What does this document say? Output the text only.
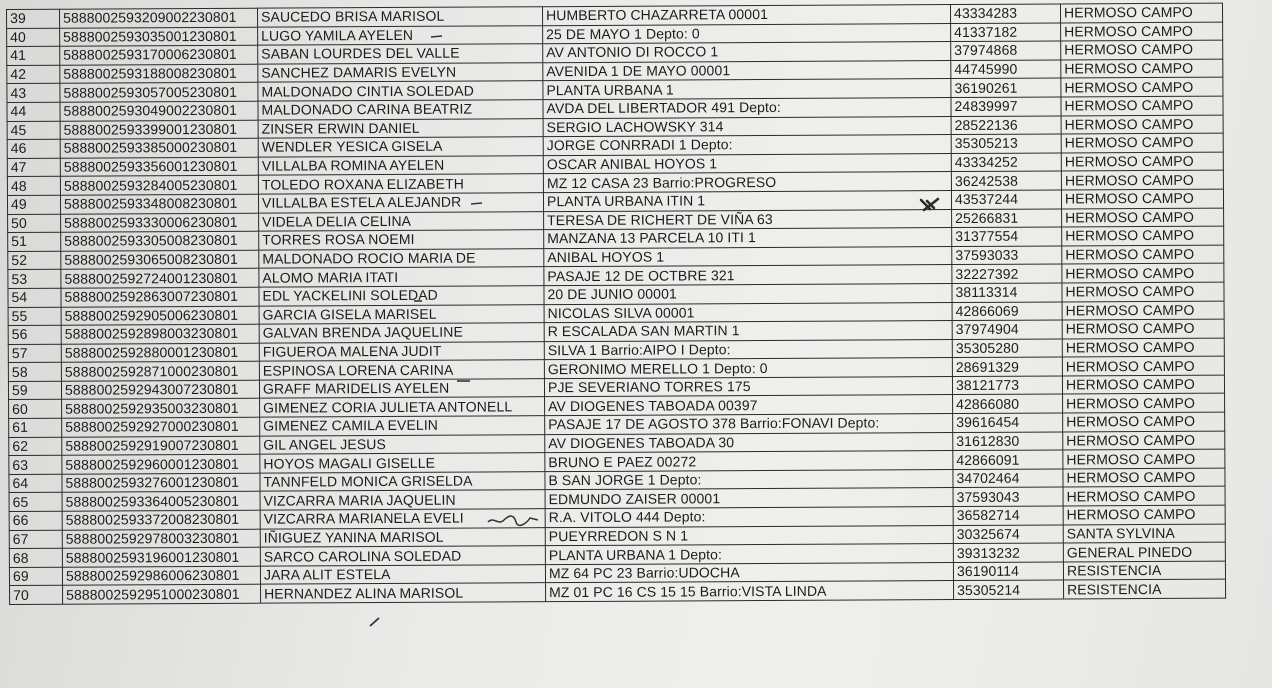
39	5888002593209002230801	SAUCEDO BRISA MARISOL	HUMBERTO CHAZARRETA 00001	43334283	HERMOSO CAMPO
40	5888002593035001230801	LUGO YAMILA AYELEN	25 DE MAYO 1 Depto: 0	41337182	HERMOSO CAMPO
41	5888002593170006230801	SABAN LOURDES DEL VALLE	AV ANTONIO DI ROCCO 1	37974868	HERMOSO CAMPO
42	5888002593188008230801	SANCHEZ DAMARIS EVELYN	AVENIDA 1 DE MAYO 00001	44745990	HERMOSO CAMPO
43	5888002593057005230801	MALDONADO CINTIA SOLEDAD	PLANTA URBANA 1	36190261	HERMOSO CAMPO
44	5888002593049002230801	MALDONADO CARINA BEATRIZ	AVDA DEL LIBERTADOR 491 Depto:	24839997	HERMOSO CAMPO
45	5888002593399001230801	ZINSER ERWIN DANIEL	SERGIO LACHOWSKY 314	28522136	HERMOSO CAMPO
46	5888002593385000230801	WENDLER YESICA GISELA	JORGE CONRRADI 1 Depto:	35305213	HERMOSO CAMPO
47	5888002593356001230801	VILLALBA ROMINA AYELEN	OSCAR ANIBAL HOYOS 1	43334252	HERMOSO CAMPO
48	5888002593284005230801	TOLEDO ROXANA ELIZABETH	MZ 12 CASA 23 Barrio:PROGRESO	36242538	HERMOSO CAMPO
49	5888002593348008230801	VILLALBA ESTELA ALEJANDR	PLANTA URBANA ITIN 1	43537244	HERMOSO CAMPO
50	5888002593330006230801	VIDELA DELIA CELINA	TERESA DE RICHERT DE VIÑA 63	25266831	HERMOSO CAMPO
51	5888002593305008230801	TORRES ROSA NOEMI	MANZANA 13 PARCELA 10 ITI 1	31377554	HERMOSO CAMPO
52	5888002593065008230801	MALDONADO ROCIO MARIA DE	ANIBAL HOYOS 1	37593033	HERMOSO CAMPO
53	5888002592724001230801	ALOMO MARIA ITATI	PASAJE 12 DE OCTBRE 321	32227392	HERMOSO CAMPO
54	5888002592863007230801	EDL YACKELINI SOLEDAD	20 DE JUNIO 00001	38113314	HERMOSO CAMPO
55	5888002592905006230801	GARCIA GISELA MARISEL	NICOLAS SILVA 00001	42866069	HERMOSO CAMPO
56	5888002592898003230801	GALVAN BRENDA JAQUELINE	R ESCALADA SAN MARTIN 1	37974904	HERMOSO CAMPO
57	5888002592880001230801	FIGUEROA MALENA JUDIT	SILVA 1 Barrio:AIPO I Depto:	35305280	HERMOSO CAMPO
58	5888002592871000230801	ESPINOSA LORENA CARINA	GERONIMO MERELLO 1 Depto: 0	28691329	HERMOSO CAMPO
59	5888002592943007230801	GRAFF MARIDELIS AYELEN	PJE SEVERIANO TORRES 175	38121773	HERMOSO CAMPO
60	5888002592935003230801	GIMENEZ CORIA JULIETA ANTONELL	AV DIOGENES TABOADA 00397	42866080	HERMOSO CAMPO
61	5888002592927000230801	GIMENEZ CAMILA EVELIN	PASAJE 17 DE AGOSTO 378 Barrio:FONAVI Depto:	39616454	HERMOSO CAMPO
62	5888002592919007230801	GIL ANGEL JESUS	AV DIOGENES TABOADA 30	31612830	HERMOSO CAMPO
63	5888002592960001230801	HOYOS MAGALI GISELLE	BRUNO E PAEZ 00272	42866091	HERMOSO CAMPO
64	5888002593276001230801	TANNFELD MONICA GRISELDA	B SAN JORGE 1 Depto:	34702464	HERMOSO CAMPO
65	5888002593364005230801	VIZCARRA MARIA JAQUELIN	EDMUNDO ZAISER 00001	37593043	HERMOSO CAMPO
66	5888002593372008230801	VIZCARRA MARIANELA EVELI	R.A. VITOLO 444 Depto:	36582714	HERMOSO CAMPO
67	5888002592978003230801	IÑIGUEZ YANINA MARISOL	PUEYRREDON S N 1	30325674	SANTA SYLVINA
68	5888002593196001230801	SARCO CAROLINA SOLEDAD	PLANTA URBANA 1 Depto:	39313232	GENERAL PINEDO
69	5888002592986006230801	JARA ALIT ESTELA	MZ 64 PC 23 Barrio:UDOCHA	36190114	RESISTENCIA
70	5888002592951000230801	HERNANDEZ ALINA MARISOL	MZ 01 PC 16 CS 15 15 Barrio:VISTA LINDA	35305214	RESISTENCIA
